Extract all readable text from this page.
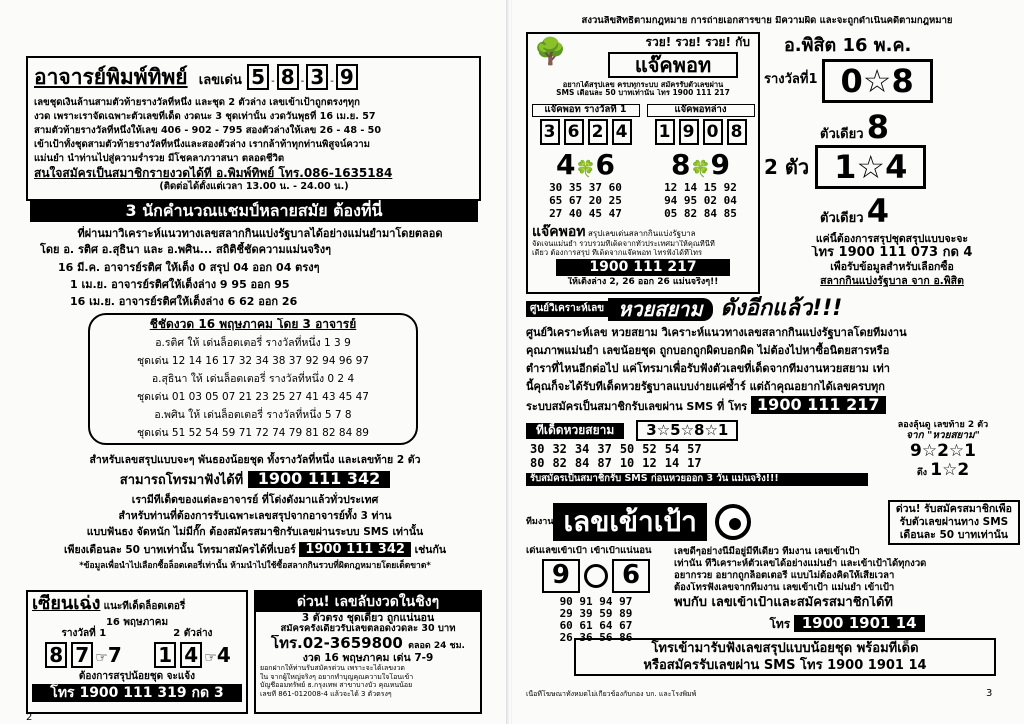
อาจารย์พิมพ์ทิพย์ เลขเด่น 5 - 8 - 3 - 9
เลขชุดเงินล้านสามตัวท้ายรางวัลที่หนึ่ง และชุด 2 ตัวล่าง เลขเข้าเป้าถูกตรงๆทุก
งวด เพราะเราจัดเฉพาะตัวเลขที่เด็ด งวดนะ 3 ชุดเท่านั้น งวดวันพุธที่ 16 เม.ย. 57
สามตัวท้ายรางวัลที่หนึ่งให้เลข 406 - 902 - 795 สองตัวล่างให้เลข 26 - 48 - 50
เข้าเป้าทั้งชุดสามตัวท้ายรางวัลที่หนึ่งและสองตัวล่าง เรากล้าท้าทุกท่านพิสูจน์ความ
แม่นยำ นำท่านไปสู่ความร่ำรวย มีโชคลาภวาสนา ตลอดชีวิต
สนใจสมัครเป็นสมาชิกรายงวดได้ที่ อ.พิมพ์ทิพย์ โทร.086-1635184
(ติดต่อได้ตั้งแต่เวลา 13.00 น. - 24.00 น.)
3 นักคำนวณแชมป์หลายสมัย ต้องที่นี่
ที่ผ่านมาวิเคราะห์แนวทางเลขสลากกินแบ่งรัฐบาลได้อย่างแม่นยำมาโดยตลอด
โดย อ. รติศ อ.สุธินา และ อ.พศิน... สถิติชี้ชัดความแม่นจริงๆ
16 มี.ค. อาจารย์รติศ ให้เต็ง 0 สรุป 04 ออก 04 ตรงๆ
1 เม.ย. อาจารย์รติศให้เต็งล่าง 9 95 ออก 95
16 เม.ย. อาจารย์รติศให้เต็งล่าง 6 62 ออก 26
ชี้ชัดงวด 16 พฤษภาคม โดย 3 อาจารย์
อ.รติศ ให้ เด่นล็อตเตอรี่ รางวัลที่หนึ่ง 1 3 9
ชุดเด่น 12 14 16 17 32 34 38 37 92 94 96 97
อ.สุธินา ให้ เด่นล็อตเตอรี่ รางวัลที่หนึ่ง 0 2 4
ชุดเด่น 01 03 05 07 21 23 25 27 41 43 45 47
อ.พศิน ให้ เด่นล็อตเตอรี่ รางวัลที่หนึ่ง 5 7 8
ชุดเด่น 51 52 54 59 71 72 74 79 81 82 84 89
สำหรับเลขสรุปแบบจะๆ พันธองน้อยชุด ทั้งรางวัลที่หนึ่ง และเลขท้าย 2 ตัว
สามารถโทรมาฟังได้ที่ 1900 111 342
เรามีทีเด็ดของแต่ละอาจารย์ ที่โด่งดังมาแล้วทั่วประเทศ
สำหรับท่านที่ต้องการรับเฉพาะเลขสรุปจากอาจารย์ทั้ง 3 ท่าน
แบบฟันธง จัดหนัก ไม่มีกั๊ก ต้องสมัครสมาชิกรับเลขผ่านระบบ SMS เท่านั้น
เพียงเดือนละ 50 บาทเท่านั้น โทรมาสมัครได้ที่เบอร์ 1900 111 342 เช่นกัน
*ข้อมูลเพื่อนำไปเลือกซื้อล็อตเตอรี่เท่านั้น ห้ามนำไปใช้ซื้อสลากกินรวบที่ผิดกฎหมายโดยเด็ดขาด*
เซียนเฉ่ง แนะทีเด็ดล็อตเตอรี่
16 พฤษภาคม
รางวัลที่ 1	2 ตัวล่าง
8 7 ☞7	1 4 ☞4
ต้องการสรุปน้อยชุด จะแจ้ง
โทร 1900 111 319 กด 3
ด่วน! เลขลับงวดในชิงๆ
3 ตัวตรง ชุดเดียว ถูกแน่นอน
สมัครครั้งเดียวรับเลขตลอดงวดละ 30 บาท
โทร.02-3659800 ตลอด 24 ชม.
งวด 16 พฤษภาคม เด่น 7-9
ยอกฝากให้ท่านรับสมัครด่วน เพราะจะได้เลขงวด
ใน จากผู้ใหญ่จริงๆ อยากทำบุญคุณความใจโอนเข้า
บัญชีออมทรัพย์ ธ.กรุงเทพ สาขาบางบัว คุณหนน้อย
เลขที่ 861-012008-4 แล้วจะได้ 3 ตัวตรงๆ
2
สงวนลิขสิทธิ์ตามกฎหมาย การถ่ายเอกสารขาย มีความผิด และจะถูกดำเนินคดีตามกฎหมาย
รวย! รวย! รวย! กับ
🌳	แจ๊คพอท
อยากได้สรุปเลข ครบทุกระบบ สมัครรับตัวเลขผ่าน
SMS เดือนละ 50 บาทเท่านั้น โทร 1900 111 217
แจ๊คพอท รางวัลที่ 1
3 6 2 4
4🍀6
30 35 37 60
65 67 20 25
27 40 45 47
แจ๊คพอทล่าง
1 9 0 8
8🍀9
12 14 15 92
94 95 02 04
05 82 84 85
แจ๊คพอท สรุปเลขเด่นสลากกินแบ่งรัฐบาล
จัดเจนแม่นยำ รวบรวมทีเด็ดจากทั่วประเทศมาให้คุณที่นี่ที่
เดียว ต้องการสรุป ทีเด็ดจากแจ๊คพอท โทรฟังได้ที่โทร
1900 111 217
ให้เต็งล่าง 2, 26 ออก 26 แม่นจริงๆ!!
อ.พิสิต 16 พ.ค.
รางวัลที่1 0☆8
ตัวเดียว 8
2 ตัว 1☆4
ตัวเดียว 4
แค่นี้ต้องการสรุปชุดสรุปแบบจะจะ
โทร 1900 111 073 กด 4
เพื่อรับข้อมูลสำหรับเลือกซื้อ
สลากกินแบ่งรัฐบาล จาก อ.พิสิต
ศูนย์วิเคราะห์เลข หวยสยาม ดังอีกแล้ว!!!
ศูนย์วิเคราะห์เลข หวยสยาม วิเคราะห์แนวทางเลขสลากกินแบ่งรัฐบาลโดยทีมงาน
คุณภาพแม่นยำ เลขน้อยชุด ถูกบอกถูกผิดบอกผิด ไม่ต้องไปหาซื้อนิตยสารหรือ
ตำราที่ไหนอีกต่อไป แค่โทรมาเพื่อรับฟังตัวเลขที่เด็ดจากทีมงานหวยสยาม เท่า
นี้คุณก็จะได้รับทีเด็ดหวยรัฐบาลแบบง่ายแค่ซ้ำร์ แต่ถ้าคุณอยากได้เลขครบทุก
ระบบสมัครเป็นสมาชิกรับเลขผ่าน SMS ที่ โทร 1900 111 217
ทีเด็ดหวยสยาม	3☆5☆8☆1
30	32	34	37	50	52	54	57
80	82	84	87	10	12	14	17
รับสมัครเป็นสมาชิกรับ SMS ก่อนหวยออก 3 วัน แม่นจริง!!!
ลองลุ้นดู เลขท้าย 2 ตัว
จาก "หวยสยาม"
9☆2☆1
ตึง 1☆2
ทีมงาน เลขเข้าเป้า	ด่วน! รับสมัครสมาชิกเพื่อ
รับตัวเลขผ่านทาง SMS
เดือนละ 50 บาทเท่านั้น
เด่นเลขเข้าเป้า เข้าเป้าแน่นอน
9	6
เลขดีๆอย่างนี้มีอยู่มีที่เดียว ทีมงาน เลขเข้าเป้า
เท่านั้น ที่วิเคราะห์ตัวเลขได้อย่างแม่นยำ และเข้าเป้าได้ทุกงวด
อยากรวย อยากถูกล็อตเตอรี่ แบบไม่ต้องคิดให้เสียเวลา
ต้องโทรฟังเลขจากทีมงาน เลขเข้าเป้า แม่นยำ เข้าเป้า
90 91 94 97
29 39 59 89
60 61 64 67
26 36 56 86
พบกับ เลขเข้าเป้าและสมัครสมาชิกได้ที่
โทร 1900 1901 14
โทรเข้ามารับฟังเลขสรุปแบบน้อยชุด พร้อมทีเด็ด
หรือสมัครรับเลขผ่าน SMS โทร 1900 1901 14
เนื้อที่โฆษณาทั้งหมดไม่เกี่ยวข้องกับกอง บก. และโรงพิมพ์	3
